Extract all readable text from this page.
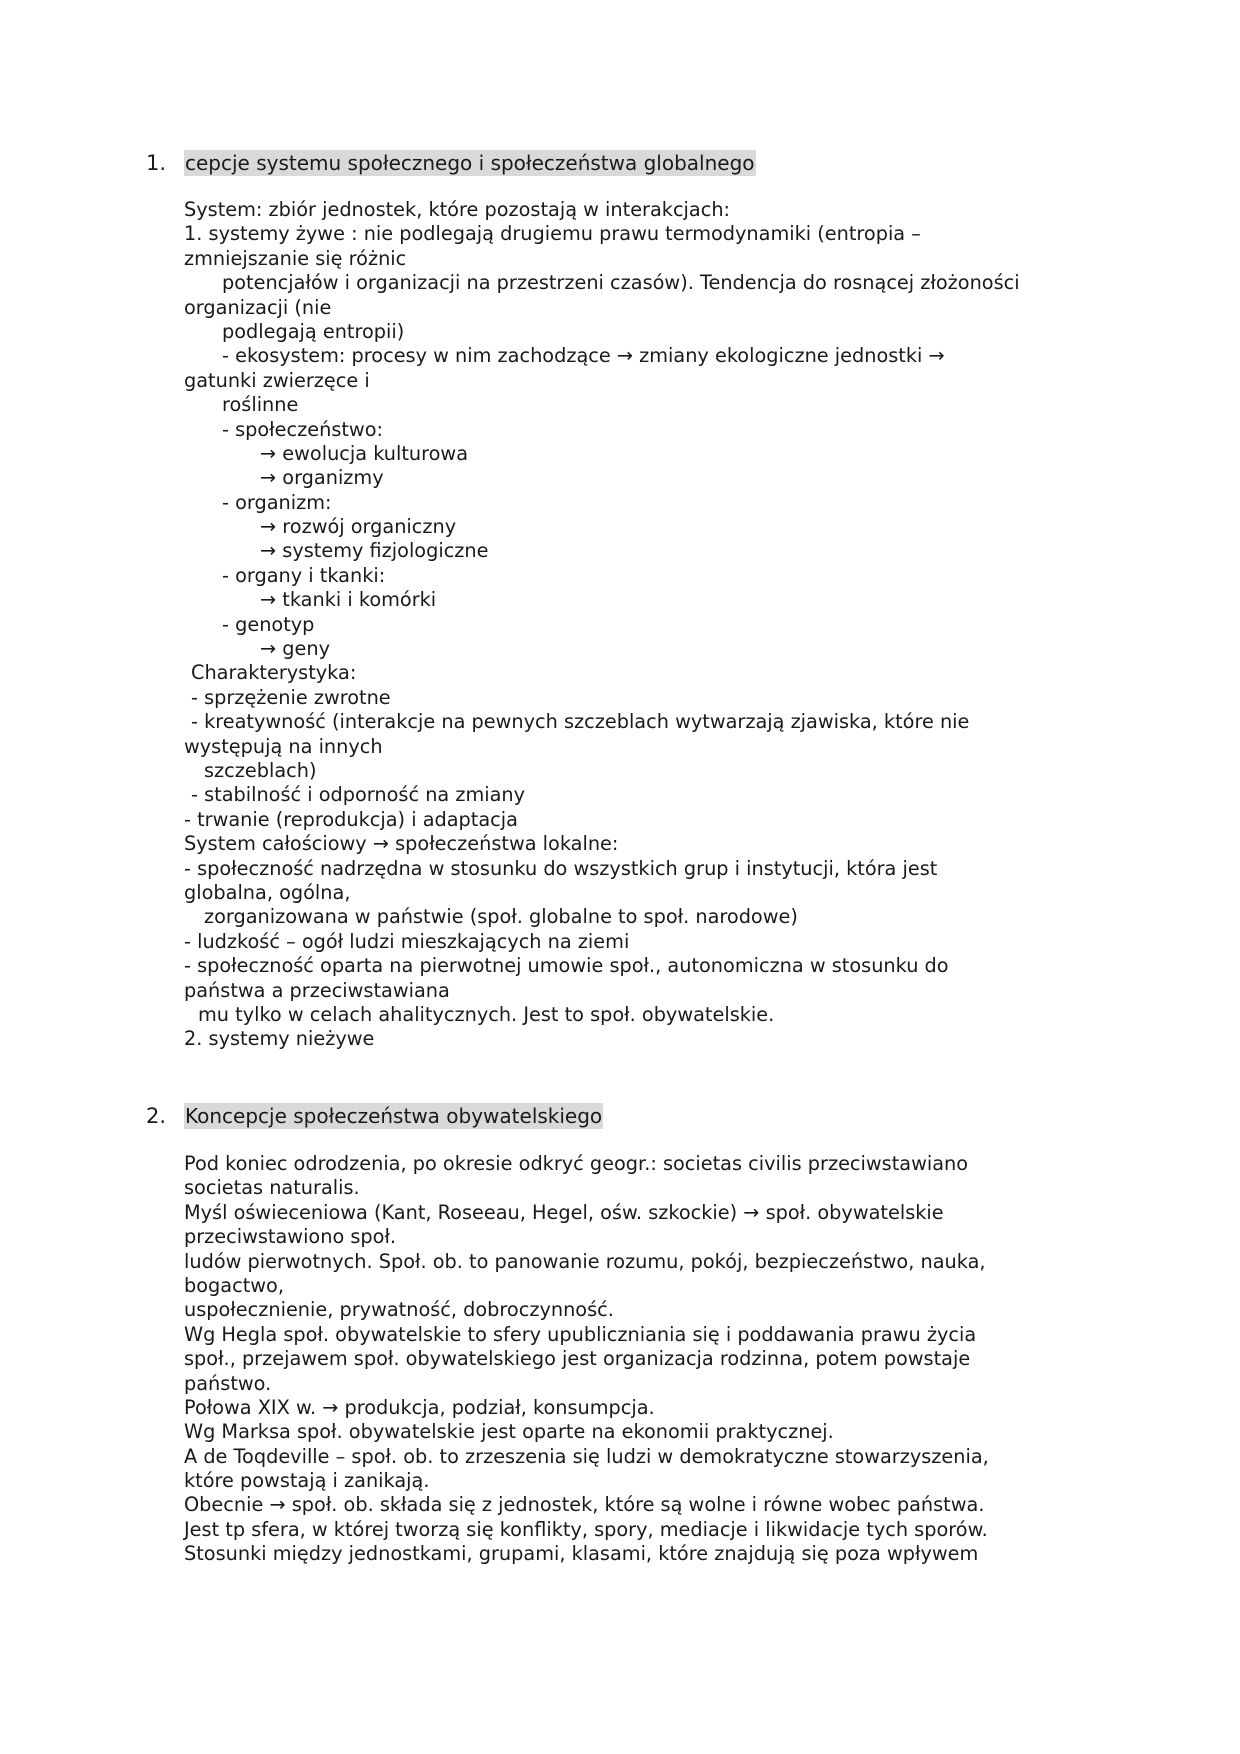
1. cepcje systemu społecznego i społeczeństwa globalnego
System: zbiór jednostek, które pozostają w interakcjach:
1. systemy żywe : nie podlegają drugiemu prawu termodynamiki (entropia –
zmniejszanie się różnic
potencjałów i organizacji na przestrzeni czasów). Tendencja do rosnącej złożoności
organizacji (nie
podlegają entropii)
- ekosystem: procesy w nim zachodzące → zmiany ekologiczne jednostki →
gatunki zwierzęce i
roślinne
- społeczeństwo:
→ ewolucja kulturowa
→ organizmy
- organizm:
→ rozwój organiczny
→ systemy fizjologiczne
- organy i tkanki:
→ tkanki i komórki
- genotyp
→ geny
Charakterystyka:
- sprzężenie zwrotne
- kreatywność (interakcje na pewnych szczeblach wytwarzają zjawiska, które nie
występują na innych
szczeblach)
- stabilność i odporność na zmiany
- trwanie (reprodukcja) i adaptacja
System całościowy → społeczeństwa lokalne:
- społeczność nadrzędna w stosunku do wszystkich grup i instytucji, która jest
globalna, ogólna,
zorganizowana w państwie (społ. globalne to społ. narodowe)
- ludzkość – ogół ludzi mieszkających na ziemi
- społeczność oparta na pierwotnej umowie społ., autonomiczna w stosunku do
państwa a przeciwstawiana
mu tylko w celach ahalitycznych. Jest to społ. obywatelskie.
2. systemy nieżywe
2. Koncepcje społeczeństwa obywatelskiego
Pod koniec odrodzenia, po okresie odkryć geogr.: societas civilis przeciwstawiano
societas naturalis.
Myśl oświeceniowa (Kant, Roseeau, Hegel, ośw. szkockie) → społ. obywatelskie
przeciwstawiono społ.
ludów pierwotnych. Społ. ob. to panowanie rozumu, pokój, bezpieczeństwo, nauka,
bogactwo,
uspołecznienie, prywatność, dobroczynność.
Wg Hegla społ. obywatelskie to sfery upubliczniania się i poddawania prawu życia
społ., przejawem społ. obywatelskiego jest organizacja rodzinna, potem powstaje
państwo.
Połowa XIX w. → produkcja, podział, konsumpcja.
Wg Marksa społ. obywatelskie jest oparte na ekonomii praktycznej.
A de Toqdeville – społ. ob. to zrzeszenia się ludzi w demokratyczne stowarzyszenia,
które powstają i zanikają.
Obecnie → społ. ob. składa się z jednostek, które są wolne i równe wobec państwa.
Jest tp sfera, w której tworzą się konflikty, spory, mediacje i likwidacje tych sporów.
Stosunki między jednostkami, grupami, klasami, które znajdują się poza wpływem
